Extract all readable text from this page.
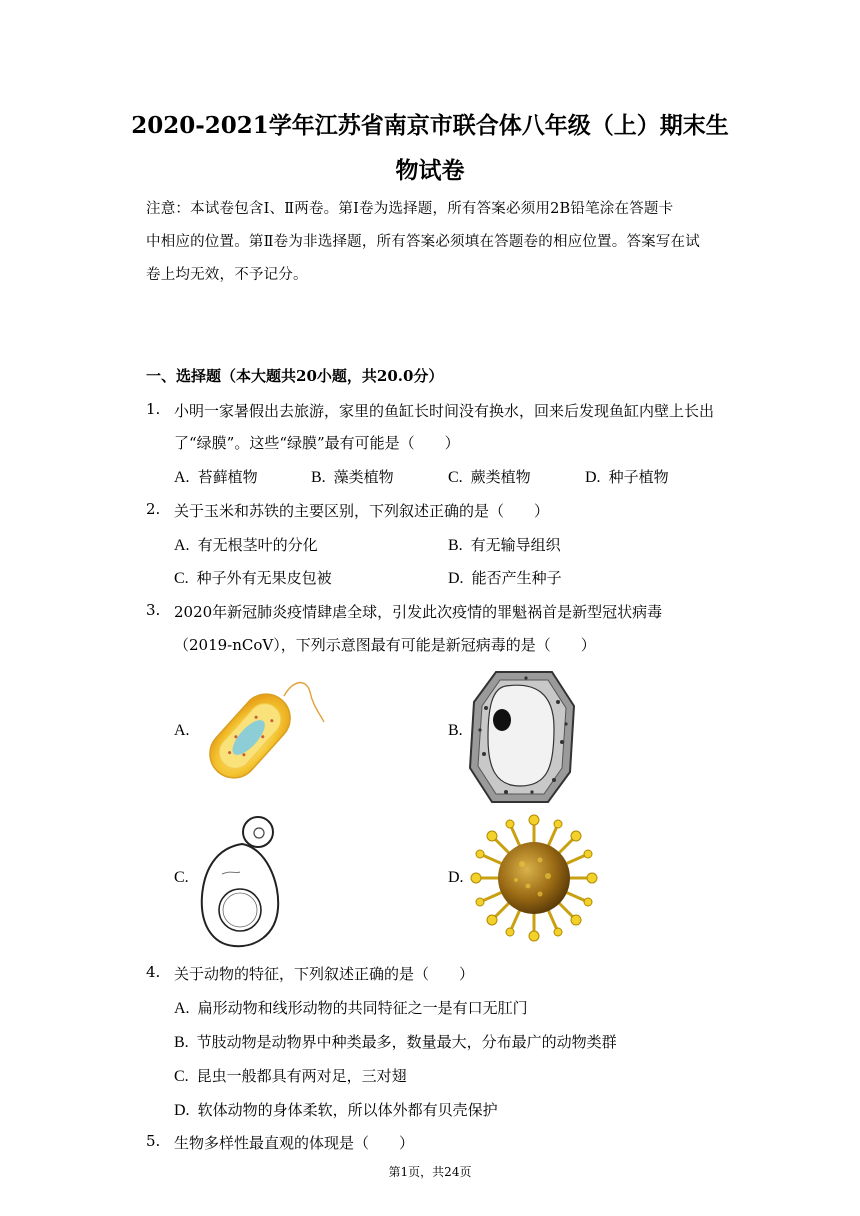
2020-2021学年江苏省南京市联合体八年级（上）期末生
物试卷
注意：本试卷包含Ⅰ、Ⅱ两卷。第Ⅰ卷为选择题，所有答案必须用2B铅笔涂在答题卡
中相应的位置。第Ⅱ卷为非选择题，所有答案必须填在答题卷的相应位置。答案写在试
卷上均无效，不予记分。
一、选择题（本大题共20小题，共20.0分）
1. 小明一家暑假出去旅游，家里的鱼缸长时间没有换水，回来后发现鱼缸内壁上长出
了“绿膜”。这些“绿膜”最有可能是（　　）
A. 苔藓植物	B. 藻类植物	C. 蕨类植物	D. 种子植物
2. 关于玉米和苏铁的主要区别，下列叙述正确的是（　　）
A. 有无根茎叶的分化	B. 有无输导组织
C. 种子外有无果皮包被	D. 能否产生种子
3. 2020年新冠肺炎疫情肆虐全球，引发此次疫情的罪魁祸首是新型冠状病毒
（2019-nCoV），下列示意图最有可能是新冠病毒的是（　　）
A.	B.
C.	D.
4. 关于动物的特征，下列叙述正确的是（　　）
A. 扁形动物和线形动物的共同特征之一是有口无肛门
B. 节肢动物是动物界中种类最多，数量最大，分布最广的动物类群
C. 昆虫一般都具有两对足，三对翅
D. 软体动物的身体柔软，所以体外都有贝壳保护
5. 生物多样性最直观的体现是（　　）
第1页，共24页
